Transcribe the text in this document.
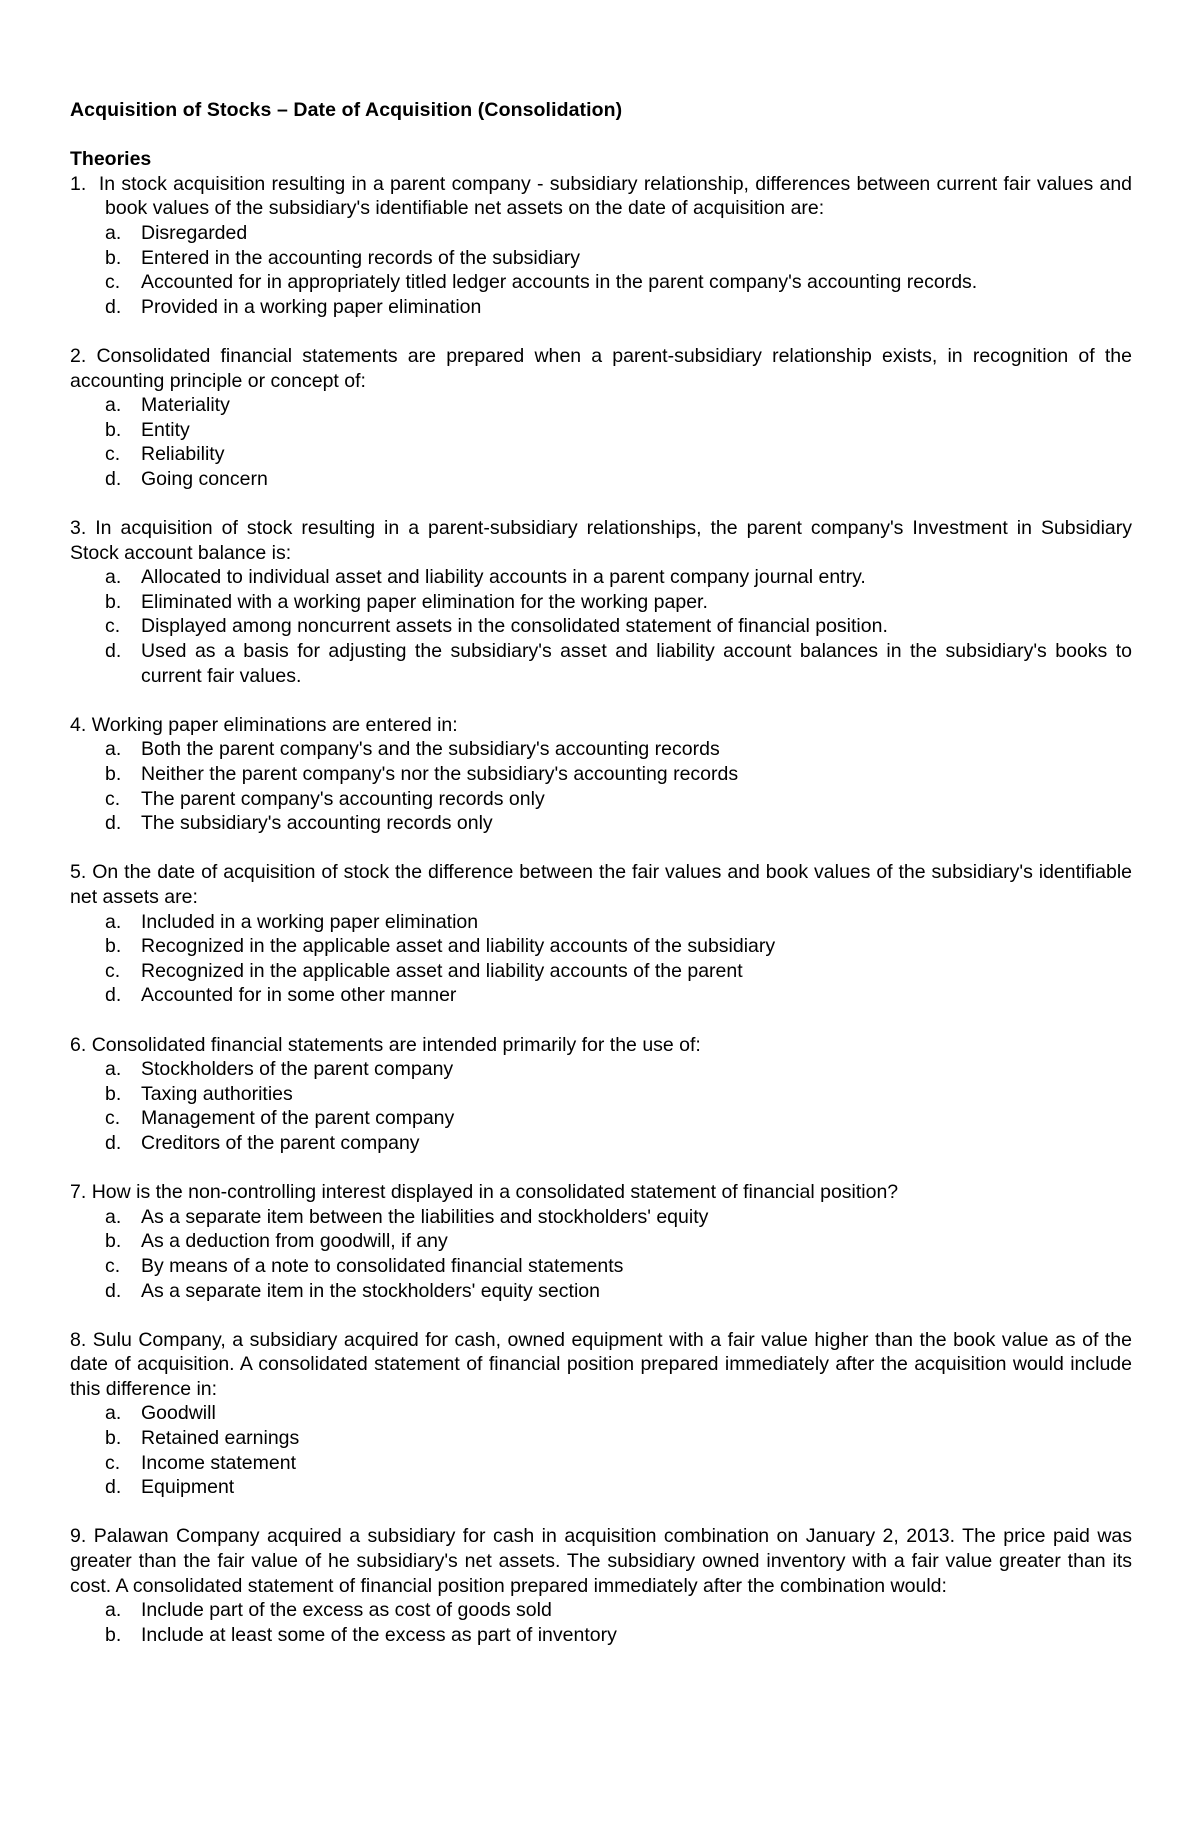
Acquisition of Stocks – Date of Acquisition (Consolidation)

Theories

1. In stock acquisition resulting in a parent company - subsidiary relationship, differences between current fair values and book values of the subsidiary's identifiable net assets on the date of acquisition are:

a. Disregarded
b. Entered in the accounting records of the subsidiary
c. Accounted for in appropriately titled ledger accounts in the parent company's accounting records.
d. Provided in a working paper elimination

2. Consolidated financial statements are prepared when a parent-subsidiary relationship exists, in recognition of the accounting principle or concept of:

a. Materiality
b. Entity
c. Reliability
d. Going concern

3. In acquisition of stock resulting in a parent-subsidiary relationships, the parent company's Investment in Subsidiary Stock account balance is:

a. Allocated to individual asset and liability accounts in a parent company journal entry.
b. Eliminated with a working paper elimination for the working paper.
c. Displayed among noncurrent assets in the consolidated statement of financial position.
d. Used as a basis for adjusting the subsidiary's asset and liability account balances in the subsidiary's books to current fair values.

4. Working paper eliminations are entered in:

a. Both the parent company's and the subsidiary's accounting records
b. Neither the parent company's nor the subsidiary's accounting records
c. The parent company's accounting records only
d. The subsidiary's accounting records only

5. On the date of acquisition of stock the difference between the fair values and book values of the subsidiary's identifiable net assets are:

a. Included in a working paper elimination
b. Recognized in the applicable asset and liability accounts of the subsidiary
c. Recognized in the applicable asset and liability accounts of the parent
d. Accounted for in some other manner

6. Consolidated financial statements are intended primarily for the use of:

a. Stockholders of the parent company
b. Taxing authorities
c. Management of the parent company
d. Creditors of the parent company

7. How is the non-controlling interest displayed in a consolidated statement of financial position?

a. As a separate item between the liabilities and stockholders' equity
b. As a deduction from goodwill, if any
c. By means of a note to consolidated financial statements
d. As a separate item in the stockholders' equity section

8. Sulu Company, a subsidiary acquired for cash, owned equipment with a fair value higher than the book value as of the date of acquisition. A consolidated statement of financial position prepared immediately after the acquisition would include this difference in:

a. Goodwill
b. Retained earnings
c. Income statement
d. Equipment

9. Palawan Company acquired a subsidiary for cash in acquisition combination on January 2, 2013. The price paid was greater than the fair value of he subsidiary's net assets. The subsidiary owned inventory with a fair value greater than its cost. A consolidated statement of financial position prepared immediately after the combination would:

a. Include part of the excess as cost of goods sold
b. Include at least some of the excess as part of inventory
